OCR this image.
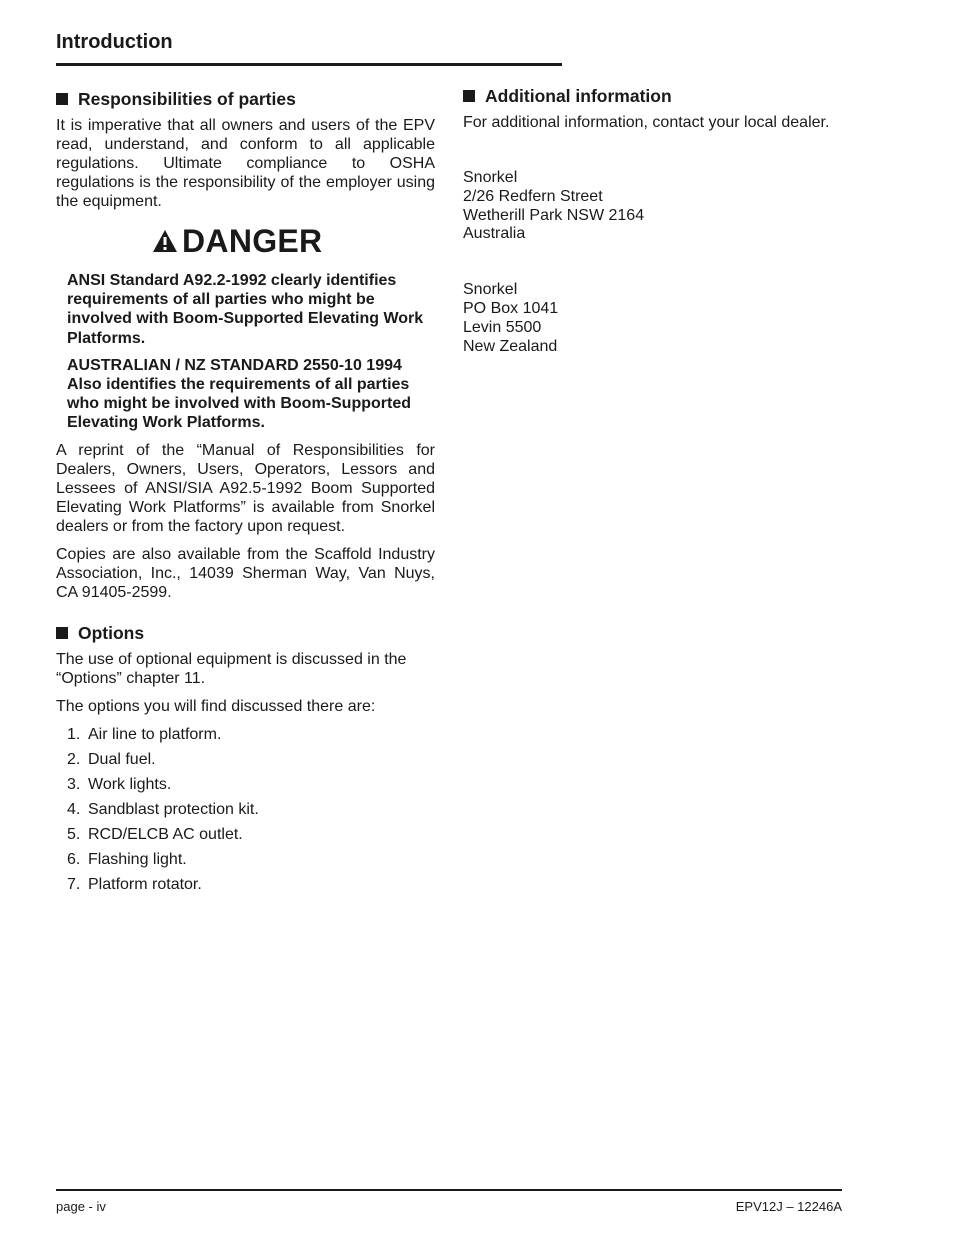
Introduction
Responsibilities of parties

It is imperative that all owners and users of the EPV read, understand, and conform to all applicable regulations. Ultimate compliance to OSHA regulations is the responsibility of the employer using the equipment.

DANGER

ANSI Standard A92.2-1992 clearly identifies requirements of all parties who might be involved with Boom-Supported Elevating Work Platforms.

AUSTRALIAN / NZ STANDARD 2550-10 1994 Also identifies the requirements of all parties who might be involved with Boom-Supported Elevating Work Platforms.

A reprint of the “Manual of Responsibilities for Dealers, Owners, Users, Operators, Lessors and Lessees of ANSI/SIA A92.5-1992 Boom Supported Elevating Work Platforms” is available from Snorkel dealers or from the factory upon request.

Copies are also available from the Scaffold Industry Association, Inc., 14039 Sherman Way, Van Nuys, CA 91405-2599.

Options

The use of optional equipment is discussed in the “Options” chapter 11.

The options you will find discussed there are:

1. Air line to platform.
2. Dual fuel.
3. Work lights.
4. Sandblast protection kit.
5. RCD/ELCB AC outlet.
6. Flashing light.
7. Platform rotator.
Additional information

For additional information, contact your local dealer.

Snorkel
2/26 Redfern Street
Wetherill Park NSW 2164
Australia
Snorkel
PO Box 1041
Levin 5500
New Zealand
page - iv	EPV12J – 12246A
